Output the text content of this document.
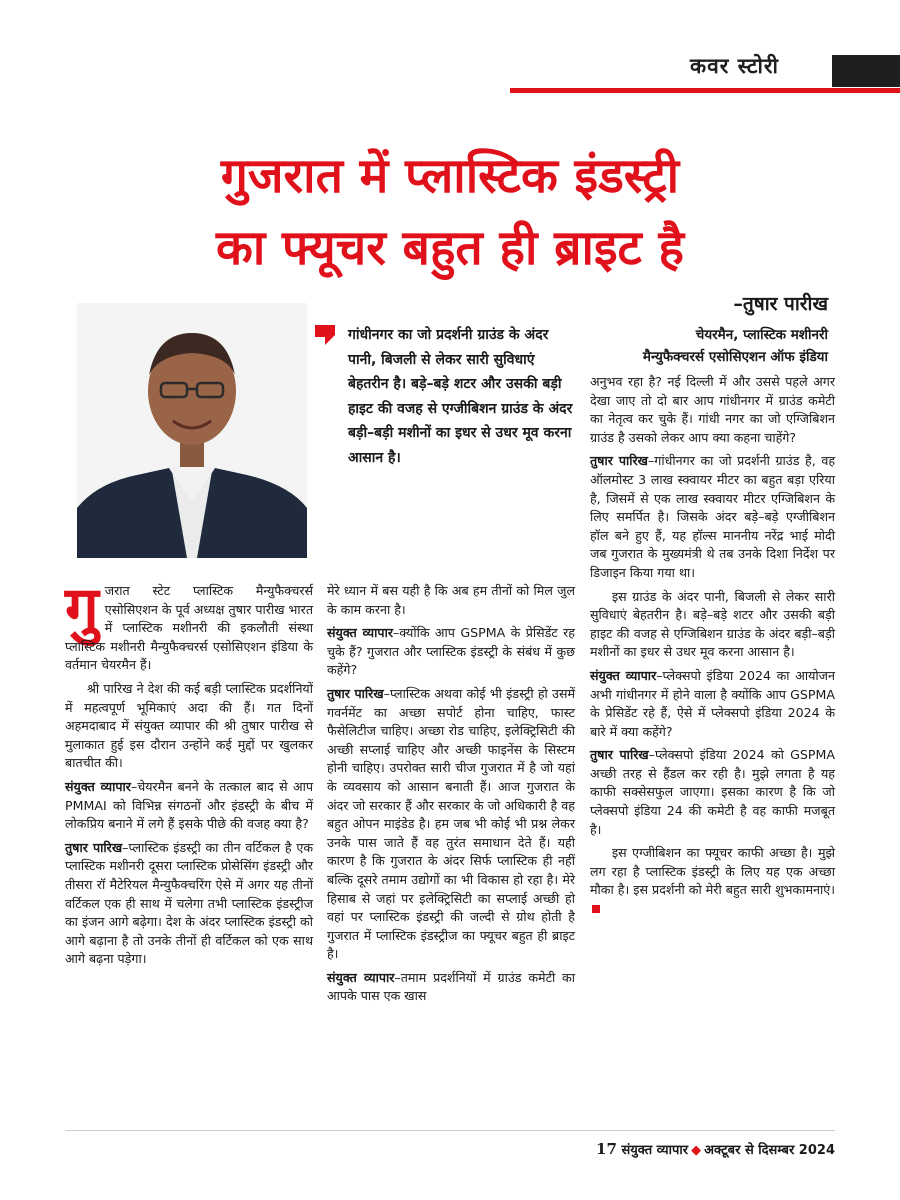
कवर स्टोरी
गुजरात में प्लास्टिक इंडस्ट्री
का फ्यूचर बहुत ही ब्राइट है
–तुषार पारीख
चेयरमैन, प्लास्टिक मशीनरी
मैन्युफैक्चरर्स एसोसिएशन ऑफ इंडिया
गांधीनगर का जो प्रदर्शनी ग्राउंड के अंदर पानी, बिजली से लेकर सारी सुविधाएं बेहतरीन है। बड़े–बड़े शटर और उसकी बड़ी हाइट की वजह से एग्जीबिशन ग्राउंड के अंदर बड़ी–बड़ी मशीनों का इधर से उधर मूव करना आसान है।

गु जरात स्टेट प्लास्टिक मैन्युफैक्चरर्स एसोसिएशन के पूर्व अध्यक्ष तुषार पारीख भारत में प्लास्टिक मशीनरी की इकलौती संस्था प्लास्टिक मशीनरी मैन्युफैक्चरर्स एसोसिएशन इंडिया के वर्तमान चेयरमैन हैं।

श्री पारिख ने देश की कई बड़ी प्लास्टिक प्रदर्शनियों में महत्वपूर्ण भूमिकाएं अदा की हैं। गत दिनों अहमदाबाद में संयुक्त व्यापार की श्री तुषार पारीख से मुलाकात हुई इस दौरान उन्होंने कई मुद्दों पर खुलकर बातचीत की।

संयुक्त व्यापार–चेयरमैन बनने के तत्काल बाद से आप PMMAI को विभिन्न संगठनों और इंडस्ट्री के बीच में लोकप्रिय बनाने में लगे हैं इसके पीछे की वजह क्या है?

तुषार पारिख–प्लास्टिक इंडस्ट्री का तीन वर्टिकल है एक प्लास्टिक मशीनरी दूसरा प्लास्टिक प्रोसेसिंग इंडस्ट्री और तीसरा रॉ मैटेरियल मैन्युफैक्चरिंग ऐसे में अगर यह तीनों वर्टिकल एक ही साथ में चलेगा तभी प्लास्टिक इंडस्ट्रीज का इंजन आगे बढ़ेगा। देश के अंदर प्लास्टिक इंडस्ट्री को आगे बढ़ाना है तो उनके तीनों ही वर्टिकल को एक साथ आगे बढ़ना पड़ेगा।

मेरे ध्यान में बस यही है कि अब हम तीनों को मिल जुल के काम करना है।

संयुक्त व्यापार–क्योंकि आप GSPMA के प्रेसिडेंट रह चुके हैं? गुजरात और प्लास्टिक इंडस्ट्री के संबंध में कुछ कहेंगे?

तुषार पारिख–प्लास्टिक अथवा कोई भी इंडस्ट्री हो उसमें गवर्नमेंट का अच्छा सपोर्ट होना चाहिए, फास्ट फैसेलिटीज चाहिए। अच्छा रोड चाहिए, इलेक्ट्रिसिटी की अच्छी सप्लाई चाहिए और अच्छी फाइनेंस के सिस्टम होनी चाहिए। उपरोक्त सारी चीज गुजरात में है जो यहां के व्यवसाय को आसान बनाती हैं। आज गुजरात के अंदर जो सरकार हैं और सरकार के जो अधिकारी है वह बहुत ओपन माइंडेड है। हम जब भी कोई भी प्रश्न लेकर उनके पास जाते हैं वह तुरंत समाधान देते हैं। यही कारण है कि गुजरात के अंदर सिर्फ प्लास्टिक ही नहीं बल्कि दूसरे तमाम उद्योगों का भी विकास हो रहा है। मेरे हिसाब से जहां पर इलेक्ट्रिसिटी का सप्लाई अच्छी हो वहां पर प्लास्टिक इंडस्ट्री की जल्दी से ग्रोथ होती है गुजरात में प्लास्टिक इंडस्ट्रीज का फ्यूचर बहुत ही ब्राइट है।

संयुक्त व्यापार–तमाम प्रदर्शनियों में ग्राउंड कमेटी का आपके पास एक खास

अनुभव रहा है? नई दिल्ली में और उससे पहले अगर देखा जाए तो दो बार आप गांधीनगर में ग्राउंड कमेटी का नेतृत्व कर चुके हैं। गांधी नगर का जो एग्जिबिशन ग्राउंड है उसको लेकर आप क्या कहना चाहेंगे?

तुषार पारिख–गांधीनगर का जो प्रदर्शनी ग्राउंड है, वह ऑलमोस्ट 3 लाख स्क्वायर मीटर का बहुत बड़ा एरिया है, जिसमें से एक लाख स्क्वायर मीटर एग्जिबिशन के लिए समर्पित है। जिसके अंदर बड़े–बड़े एग्जीबिशन हॉल बने हुए हैं, यह हॉल्स माननीय नरेंद्र भाई मोदी जब गुजरात के मुख्यमंत्री थे तब उनके दिशा निर्देश पर डिजाइन किया गया था।

इस ग्राउंड के अंदर पानी, बिजली से लेकर सारी सुविधाएं बेहतरीन है। बड़े–बड़े शटर और उसकी बड़ी हाइट की वजह से एग्जिबिशन ग्राउंड के अंदर बड़ी–बड़ी मशीनों का इधर से उधर मूव करना आसान है।

संयुक्त व्यापार–प्लेक्सपो इंडिया 2024 का आयोजन अभी गांधीनगर में होने वाला है क्योंकि आप GSPMA के प्रेसिडेंट रहे हैं, ऐसे में प्लेक्सपो इंडिया 2024 के बारे में क्या कहेंगे?

तुषार पारिख–प्लेक्सपो इंडिया 2024 को GSPMA अच्छी तरह से हैंडल कर रही है। मुझे लगता है यह काफी सक्सेसफुल जाएगा। इसका कारण है कि जो प्लेक्सपो इंडिया 24 की कमेटी है वह काफी मजबूत है।

इस एग्जीबिशन का फ्यूचर काफी अच्छा है। मुझे लग रहा है प्लास्टिक इंडस्ट्री के लिए यह एक अच्छा मौका है। इस प्रदर्शनी को मेरी बहुत सारी शुभकामनाएं।

17 संयुक्त व्यापार ◆ अक्टूबर से दिसम्बर 2024
